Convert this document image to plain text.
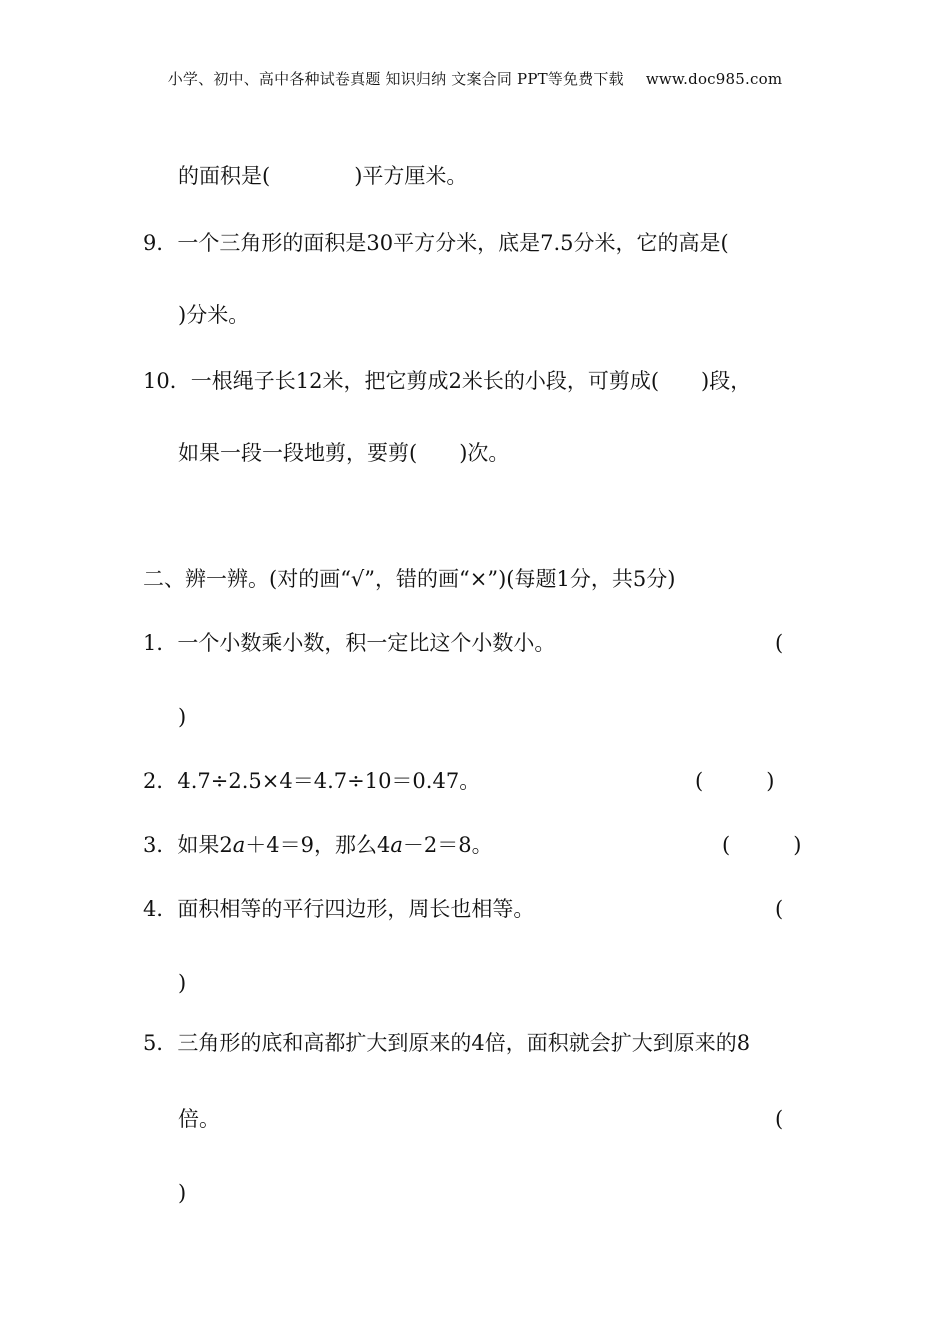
小学、初中、高中各种试卷真题 知识归纳 文案合同 PPT等免费下载 www.doc985.com
的面积是(　　　　)平方厘米。
9．一个三角形的面积是30平方分米，底是7.5分米，它的高是(
)分米。
10．一根绳子长12米，把它剪成2米长的小段，可剪成(　　)段，
如果一段一段地剪，要剪(　　)次。
二、辨一辨。(对的画“√”，错的画“×”)(每题1分，共5分)
1．一个小数乘小数，积一定比这个小数小。	(
)
2．4.7÷2.5×4＝4.7÷10＝0.47。	(　　　)
3．如果2a＋4＝9，那么4a－2＝8。	(　　　)
4．面积相等的平行四边形，周长也相等。	(
)
5．三角形的底和高都扩大到原来的4倍，面积就会扩大到原来的8
倍。	(
)
